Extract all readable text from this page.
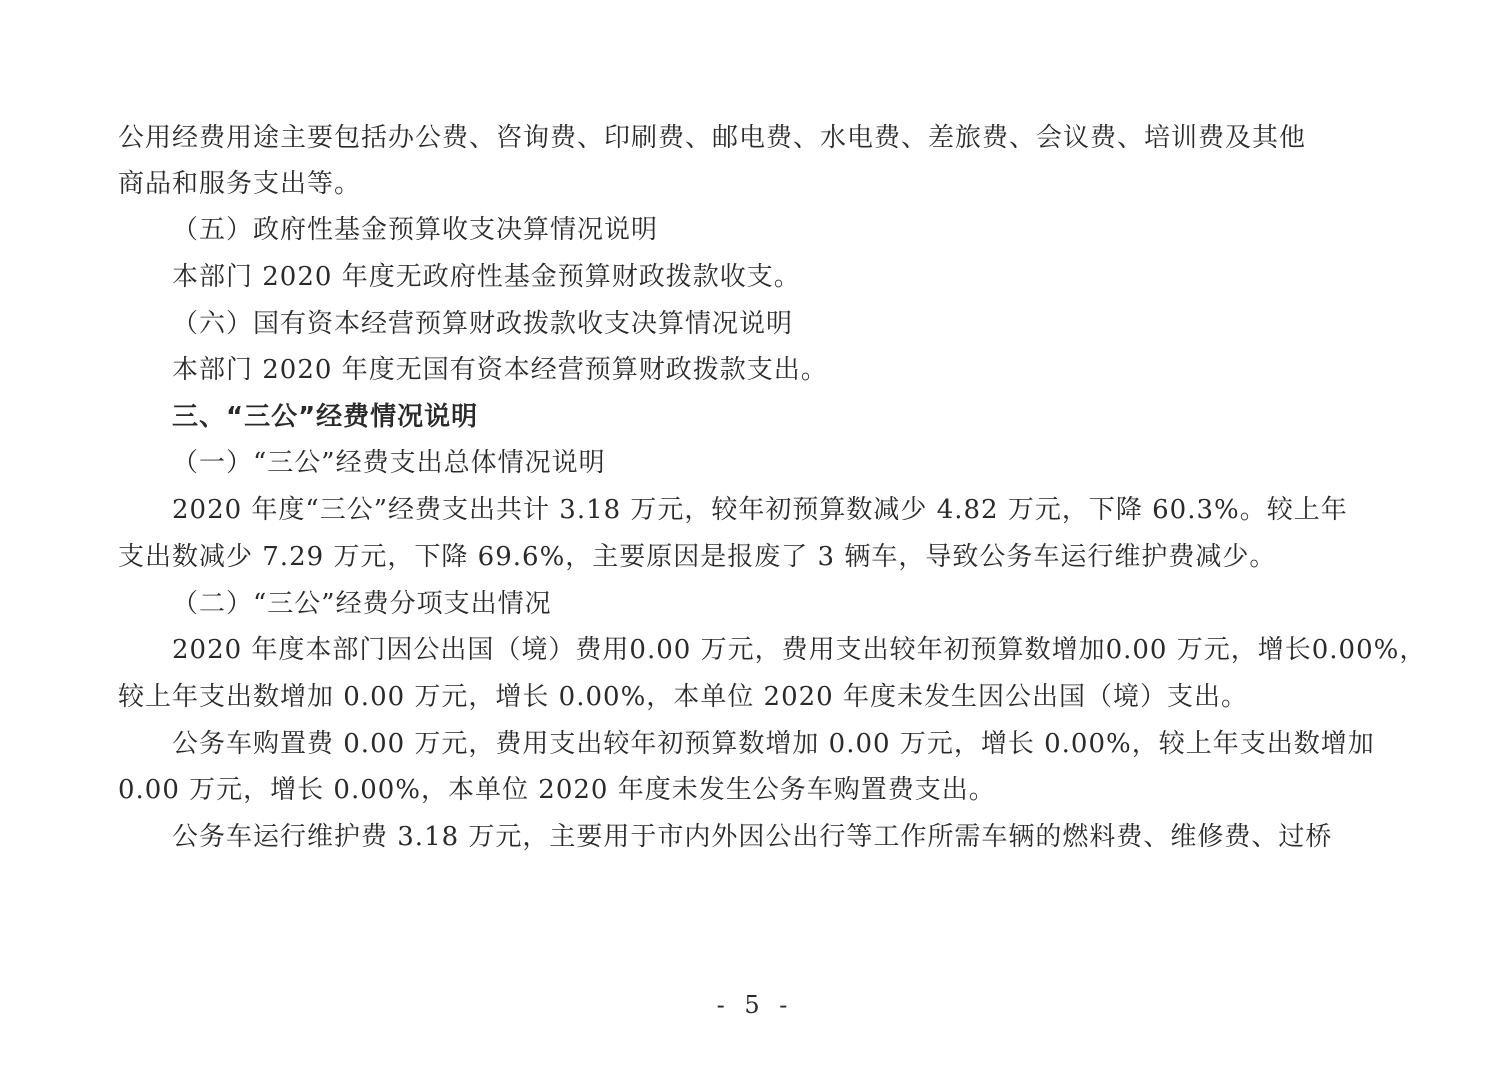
公用经费用途主要包括办公费、咨询费、印刷费、邮电费、水电费、差旅费、会议费、培训费及其他
商品和服务支出等。
（五）政府性基金预算收支决算情况说明
本部门 2020 年度无政府性基金预算财政拨款收支。
（六）国有资本经营预算财政拨款收支决算情况说明
本部门 2020 年度无国有资本经营预算财政拨款支出。
三、“三公”经费情况说明
（一）“三公”经费支出总体情况说明
2020 年度“三公”经费支出共计 3.18 万元，较年初预算数减少 4.82 万元，下降 60.3%。较上年
支出数减少 7.29 万元，下降 69.6%，主要原因是报废了 3 辆车，导致公务车运行维护费减少。
（二）“三公”经费分项支出情况
2020 年度本部门因公出国（境）费用0.00 万元，费用支出较年初预算数增加0.00 万元，增长0.00%，
较上年支出数增加 0.00 万元，增长 0.00%，本单位 2020 年度未发生因公出国（境）支出。
公务车购置费 0.00 万元，费用支出较年初预算数增加 0.00 万元，增长 0.00%，较上年支出数增加
0.00 万元，增长 0.00%，本单位 2020 年度未发生公务车购置费支出。
公务车运行维护费 3.18 万元，主要用于市内外因公出行等工作所需车辆的燃料费、维修费、过桥
- 5 -
